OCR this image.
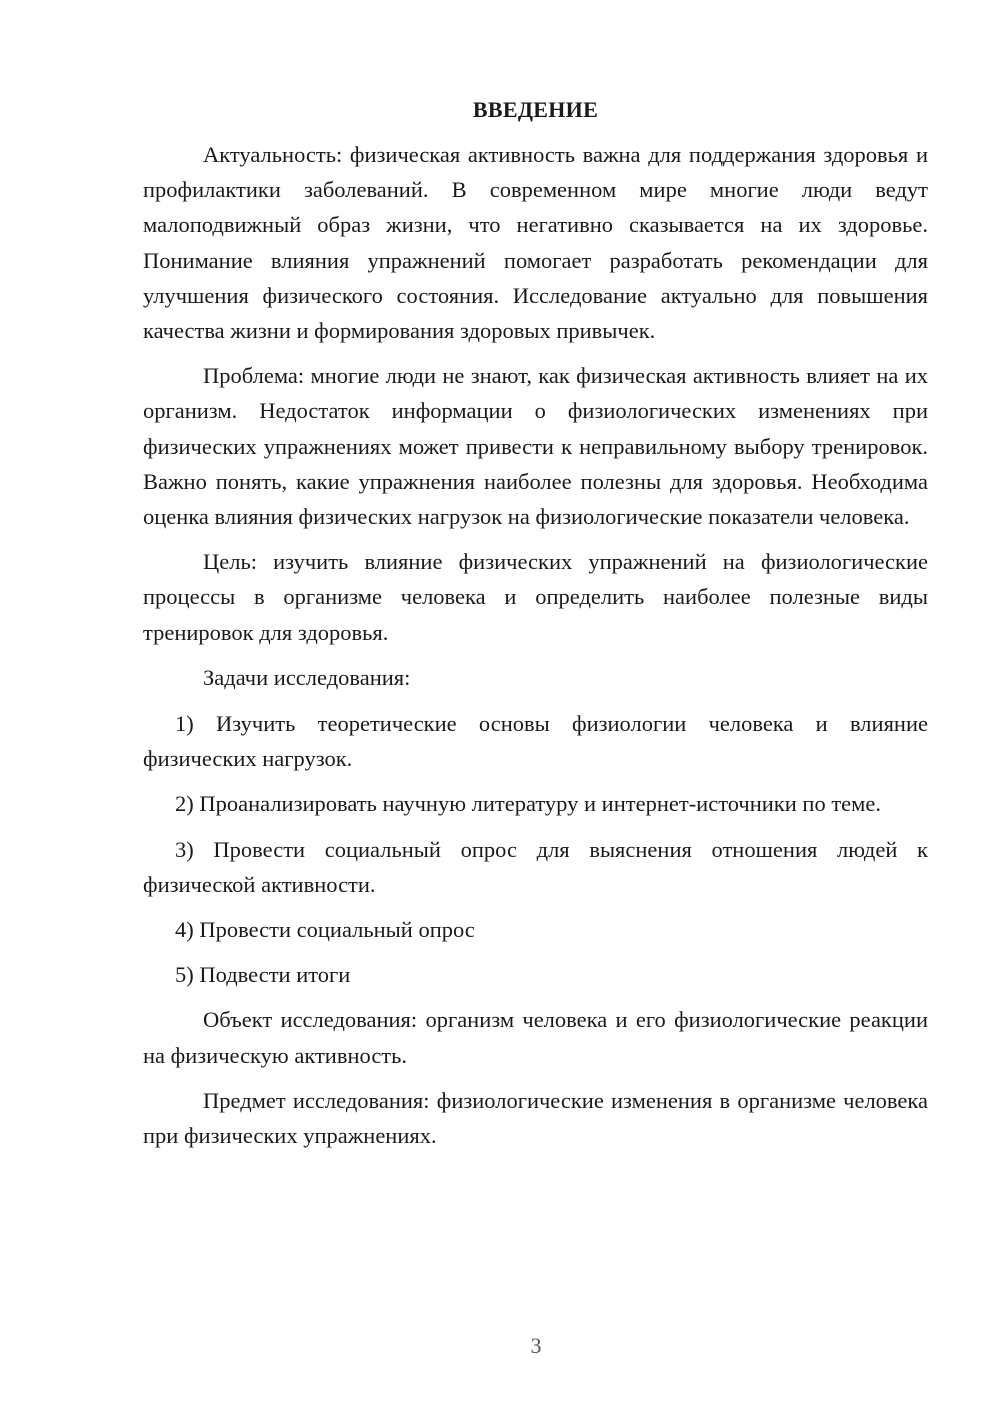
ВВЕДЕНИЕ

Актуальность: физическая активность важна для поддержания здоровья и профилактики заболеваний. В современном мире многие люди ведут малоподвижный образ жизни, что негативно сказывается на их здоровье. Понимание влияния упражнений помогает разработать рекомендации для улучшения физического состояния. Исследование актуально для повышения качества жизни и формирования здоровых привычек.

Проблема: многие люди не знают, как физическая активность влияет на их организм. Недостаток информации о физиологических изменениях при физических упражнениях может привести к неправильному выбору тренировок. Важно понять, какие упражнения наиболее полезны для здоровья. Необходима оценка влияния физических нагрузок на физиологические показатели человека.

Цель: изучить влияние физических упражнений на физиологические процессы в организме человека и определить наиболее полезные виды тренировок для здоровья.

Задачи исследования:

1) Изучить теоретические основы физиологии человека и влияние физических нагрузок.

2) Проанализировать научную литературу и интернет-источники по теме.

3) Провести социальный опрос для выяснения отношения людей к физической активности.

4) Провести социальный опрос

5) Подвести итоги

Объект исследования: организм человека и его физиологические реакции на физическую активность.

Предмет исследования: физиологические изменения в организме человека при физических упражнениях.

3
